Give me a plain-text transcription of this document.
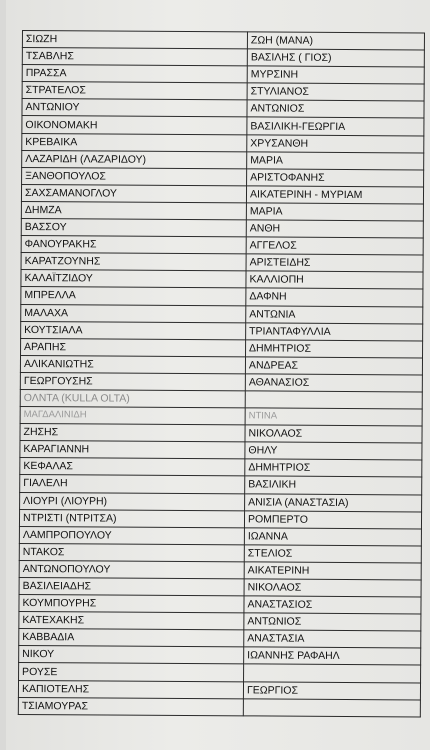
ΣΙΩΖΗ	ΖΩΗ (ΜΑΝΑ)
ΤΣΑΒΛΗΣ	ΒΑΣΙΛΗΣ ( ΓΙΟΣ)
ΠΡΑΣΣΑ	ΜΥΡΣΙΝΗ
ΣΤΡΑΤΕΛΟΣ	ΣΤΥΛΙΑΝΟΣ
ΑΝΤΩΝΙΟΥ	ΑΝΤΩΝΙΟΣ
ΟΙΚΟΝΟΜΑΚΗ	ΒΑΣΙΛΙΚΗ-ΓΕΩΡΓΙΑ
ΚΡΕΒΑΙΚΑ	ΧΡΥΣΑΝΘΗ
ΛΑΖΑΡΙΔΗ (ΛΑΖΑΡΙΔΟΥ)	ΜΑΡΙΑ
ΞΑΝΘΟΠΟΥΛΟΣ	ΑΡΙΣΤΟΦΑΝΗΣ
ΣΑΧΣΑΜΑΝΟΓΛΟΥ	ΑΙΚΑΤΕΡΙΝΗ - ΜΥΡΙΑΜ
ΔΗΜΖΑ	ΜΑΡΙΑ
ΒΑΣΣΟΥ	ΑΝΘΗ
ΦΑΝΟΥΡΑΚΗΣ	ΑΓΓΕΛΟΣ
ΚΑΡΑΤΖΟΥΝΗΣ	ΑΡΙΣΤΕΙΔΗΣ
ΚΑΛΑΪΤΖΙΔΟΥ	ΚΑΛΛΙΟΠΗ
ΜΠΡΕΛΛΑ	ΔΑΦΝΗ
ΜΑΛΑΧΑ	ΑΝΤΩΝΙΑ
ΚΟΥΤΣΙΑΛΑ	ΤΡΙΑΝΤΑΦΥΛΛΙΑ
ΑΡΑΠΗΣ	ΔΗΜΗΤΡΙΟΣ
ΑΛΙΚΑΝΙΩΤΗΣ	ΑΝΔΡΕΑΣ
ΓΕΩΡΓΟΥΣΗΣ	ΑΘΑΝΑΣΙΟΣ
ΟΛΝΤΑ (KULLA OLTA)	
ΜΑΓΔΑΛΙΝΙΔΗ	ΝΤΙΝΑ
ΖΗΣΗΣ	ΝΙΚΟΛΑΟΣ
ΚΑΡΑΓΙΑΝΝΗ	ΘΗΛΥ
ΚΕΦΑΛΑΣ	ΔΗΜΗΤΡΙΟΣ
ΓΙΑΛΕΛΗ	ΒΑΣΙΛΙΚΗ
ΛΙΟΥΡΙ (ΛΙΟΥΡΗ)	ΑΝΙΣΙΑ (ΑΝΑΣΤΑΣΙΑ)
ΝΤΡΙΣΤΙ (ΝΤΡΙΤΣΑ)	ΡΟΜΠΕΡΤΟ
ΛΑΜΠΡΟΠΟΥΛΟΥ	ΙΩΑΝΝΑ
ΝΤΑΚΟΣ	ΣΤΕΛΙΟΣ
ΑΝΤΩΝΟΠΟΥΛΟΥ	ΑΙΚΑΤΕΡΙΝΗ
ΒΑΣΙΛΕΙΑΔΗΣ	ΝΙΚΟΛΑΟΣ
ΚΟΥΜΠΟΥΡΗΣ	ΑΝΑΣΤΑΣΙΟΣ
ΚΑΤΕΧΑΚΗΣ	ΑΝΤΩΝΙΟΣ
ΚΑΒΒΑΔΙΑ	ΑΝΑΣΤΑΣΙΑ
ΝΙΚΟΥ	ΙΩΑΝΝΗΣ ΡΑΦΑΗΛ
ΡΟΥΣΕ	
ΚΑΠΙΟΤΕΛΗΣ	ΓΕΩΡΓΙΟΣ
ΤΣΙΑΜΟΥΡΑΣ	
